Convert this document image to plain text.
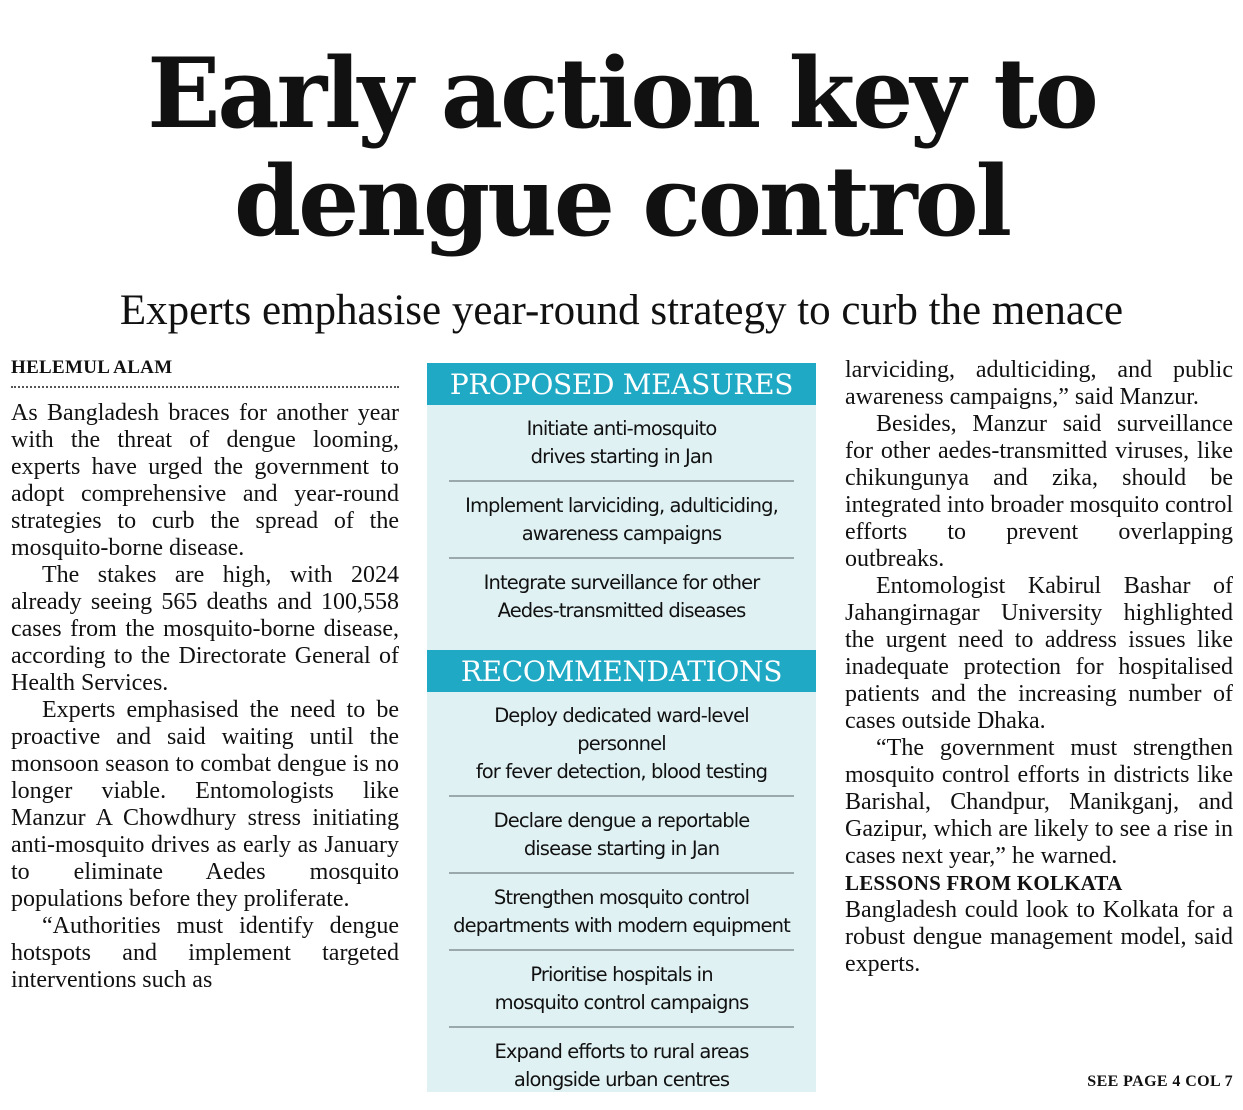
Early action key to
dengue control
Experts emphasise year-round strategy to curb the menace
HELEMUL ALAM

As Bangladesh braces for another year with the threat of dengue looming, experts have urged the government to adopt comprehensive and year-round strategies to curb the spread of the mosquito-borne disease.

The stakes are high, with 2024 already seeing 565 deaths and 100,558 cases from the mosquito-borne disease, according to the Directorate General of Health Services.

Experts emphasised the need to be proactive and said waiting until the monsoon season to combat dengue is no longer viable. Entomologists like Manzur A Chowdhury stress initiating anti-mosquito drives as early as January to eliminate Aedes mosquito populations before they proliferate.

“Authorities must identify dengue hotspots and implement targeted interventions such as

PROPOSED MEASURES
Initiate anti-mosquito
drives starting in Jan
Implement larviciding, adulticiding,
awareness campaigns
Integrate surveillance for other
Aedes-transmitted diseases
RECOMMENDATIONS
Deploy dedicated ward-level personnel
for fever detection, blood testing
Declare dengue a reportable
disease starting in Jan
Strengthen mosquito control
departments with modern equipment
Prioritise hospitals in
mosquito control campaigns
Expand efforts to rural areas
alongside urban centres

larviciding, adulticiding, and public awareness campaigns,” said Manzur.

Besides, Manzur said surveillance for other aedes-transmitted viruses, like chikungunya and zika, should be integrated into broader mosquito control efforts to prevent overlapping outbreaks.

Entomologist Kabirul Bashar of Jahangirnagar University highlighted the urgent need to address issues like inadequate protection for hospitalised patients and the increasing number of cases outside Dhaka.

“The government must strengthen mosquito control efforts in districts like Barishal, Chandpur, Manikganj, and Gazipur, which are likely to see a rise in cases next year,” he warned.

LESSONS FROM KOLKATA

Bangladesh could look to Kolkata for a robust dengue management model, said experts.

SEE PAGE 4 COL 7
